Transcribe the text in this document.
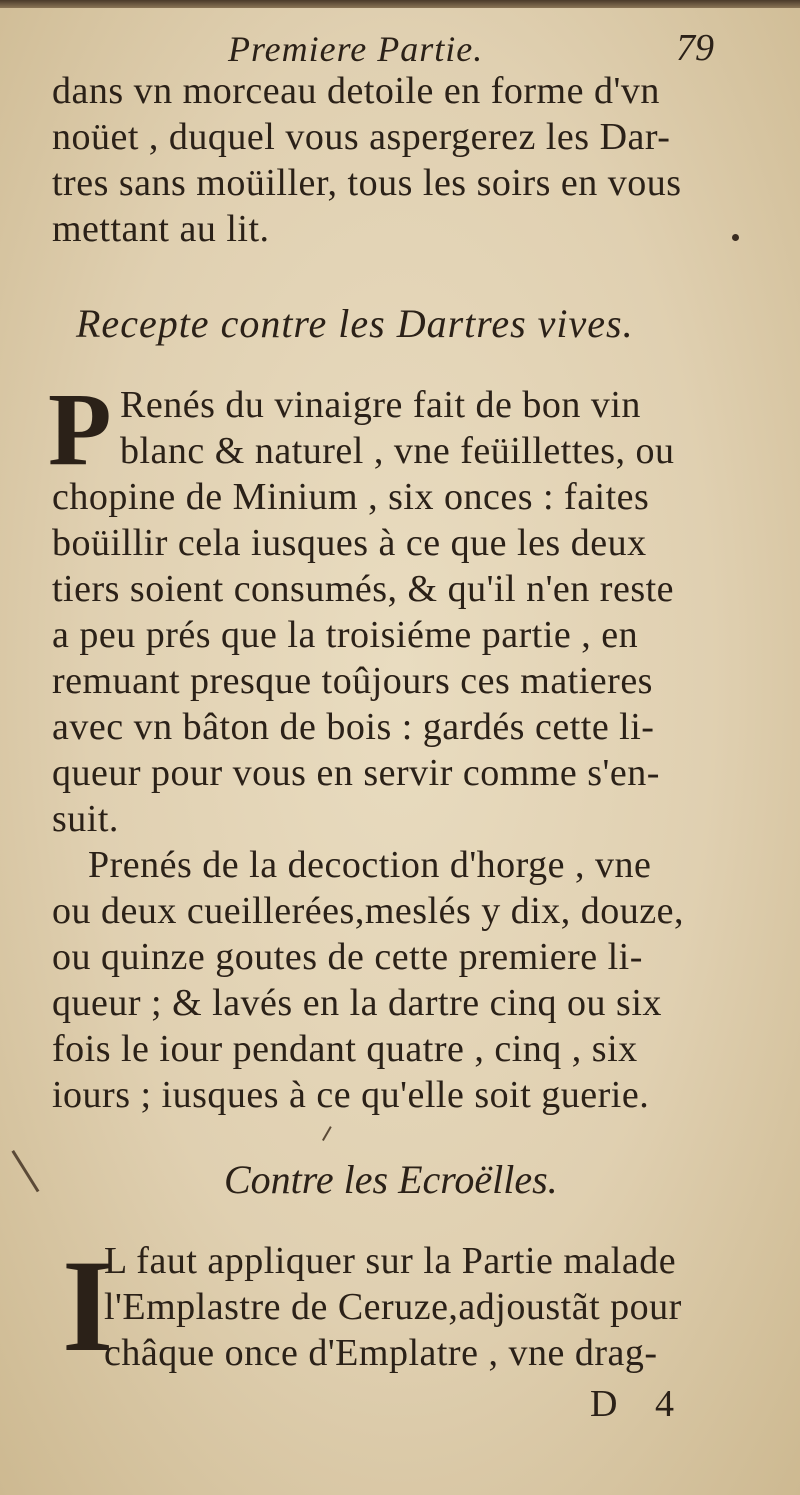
Premiere Partie.	79
dans vn morceau detoile en forme d'vn
noüet , duquel vous aspergerez les Dar-
tres sans moüiller, tous les soirs en vous
mettant au lit.
Recepte contre les Dartres vives.
P Renés du vinaigre fait de bon vin
blanc & naturel , vne feüillettes, ou
chopine de Minium , six onces : faites
boüillir cela iusques à ce que les deux
tiers soient consumés, & qu'il n'en reste
a peu prés que la troisiéme partie , en
remuant presque toûjours ces matieres
avec vn bâton de bois : gardés cette li-
queur pour vous en servir comme s'en-
suit.
Prenés de la decoction d'horge , vne
ou deux cueillerées,meslés y dix, douze,
ou quinze goutes de cette premiere li-
queur ; & lavés en la dartre cinq ou six
fois le iour pendant quatre , cinq , six
iours ; iusques à ce qu'elle soit guerie.
Contre les Ecroëlles.
I
L faut appliquer sur la Partie malade
l'Emplastre de Ceruze,adjoustãt pour
châque once d'Emplatre , vne drag-
D 4
